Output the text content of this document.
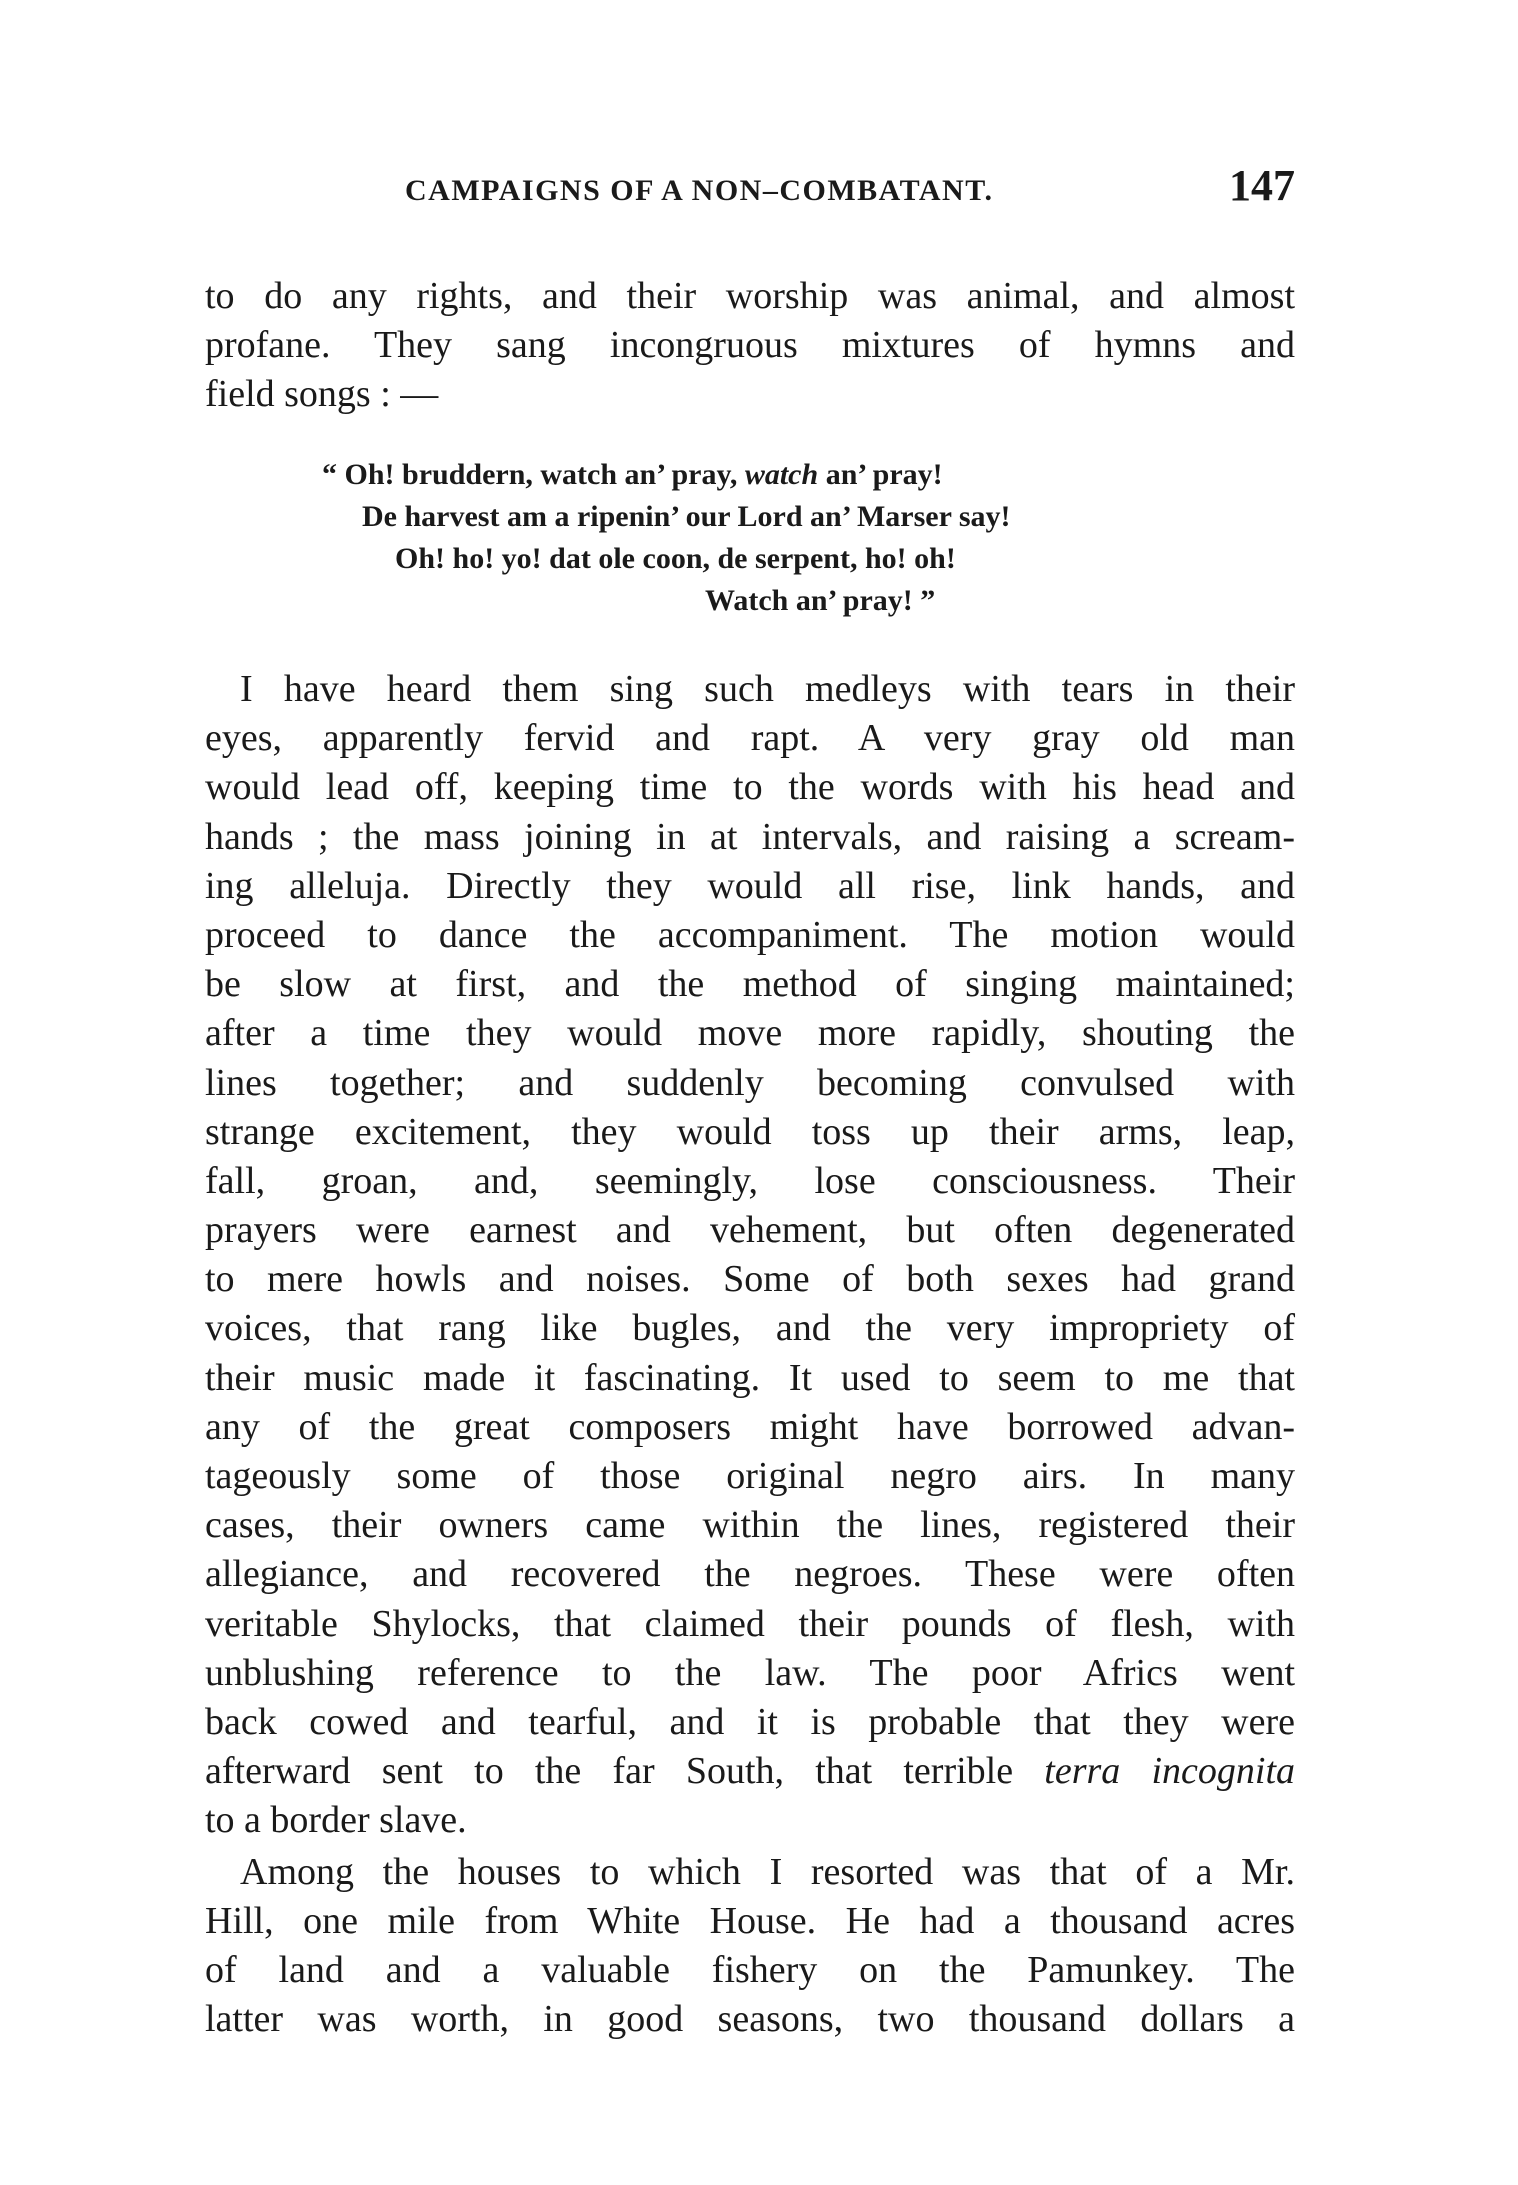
CAMPAIGNS OF A NON–COMBATANT.	147
to do any rights, and their worship was animal, and almost
profane. They sang incongruous mixtures of hymns and
field songs : —
“ Oh! bruddern, watch an’ pray, watch an’ pray!
De harvest am a ripenin’ our Lord an’ Marser say!
Oh! ho! yo! dat ole coon, de serpent, ho! oh!
Watch an’ pray! ”
I have heard them sing such medleys with tears in their
eyes, apparently fervid and rapt. A very gray old man
would lead off, keeping time to the words with his head and
hands ; the mass joining in at intervals, and raising a scream-
ing alleluja. Directly they would all rise, link hands, and
proceed to dance the accompaniment. The motion would
be slow at first, and the method of singing maintained;
after a time they would move more rapidly, shouting the
lines together; and suddenly becoming convulsed with
strange excitement, they would toss up their arms, leap,
fall, groan, and, seemingly, lose consciousness. Their
prayers were earnest and vehement, but often degenerated
to mere howls and noises. Some of both sexes had grand
voices, that rang like bugles, and the very impropriety of
their music made it fascinating. It used to seem to me that
any of the great composers might have borrowed advan-
tageously some of those original negro airs. In many
cases, their owners came within the lines, registered their
allegiance, and recovered the negroes. These were often
veritable Shylocks, that claimed their pounds of flesh, with
unblushing reference to the law. The poor Africs went
back cowed and tearful, and it is probable that they were
afterward sent to the far South, that terrible terra incognita
to a border slave.
Among the houses to which I resorted was that of a Mr.
Hill, one mile from White House. He had a thousand acres
of land and a valuable fishery on the Pamunkey. The
latter was worth, in good seasons, two thousand dollars a
